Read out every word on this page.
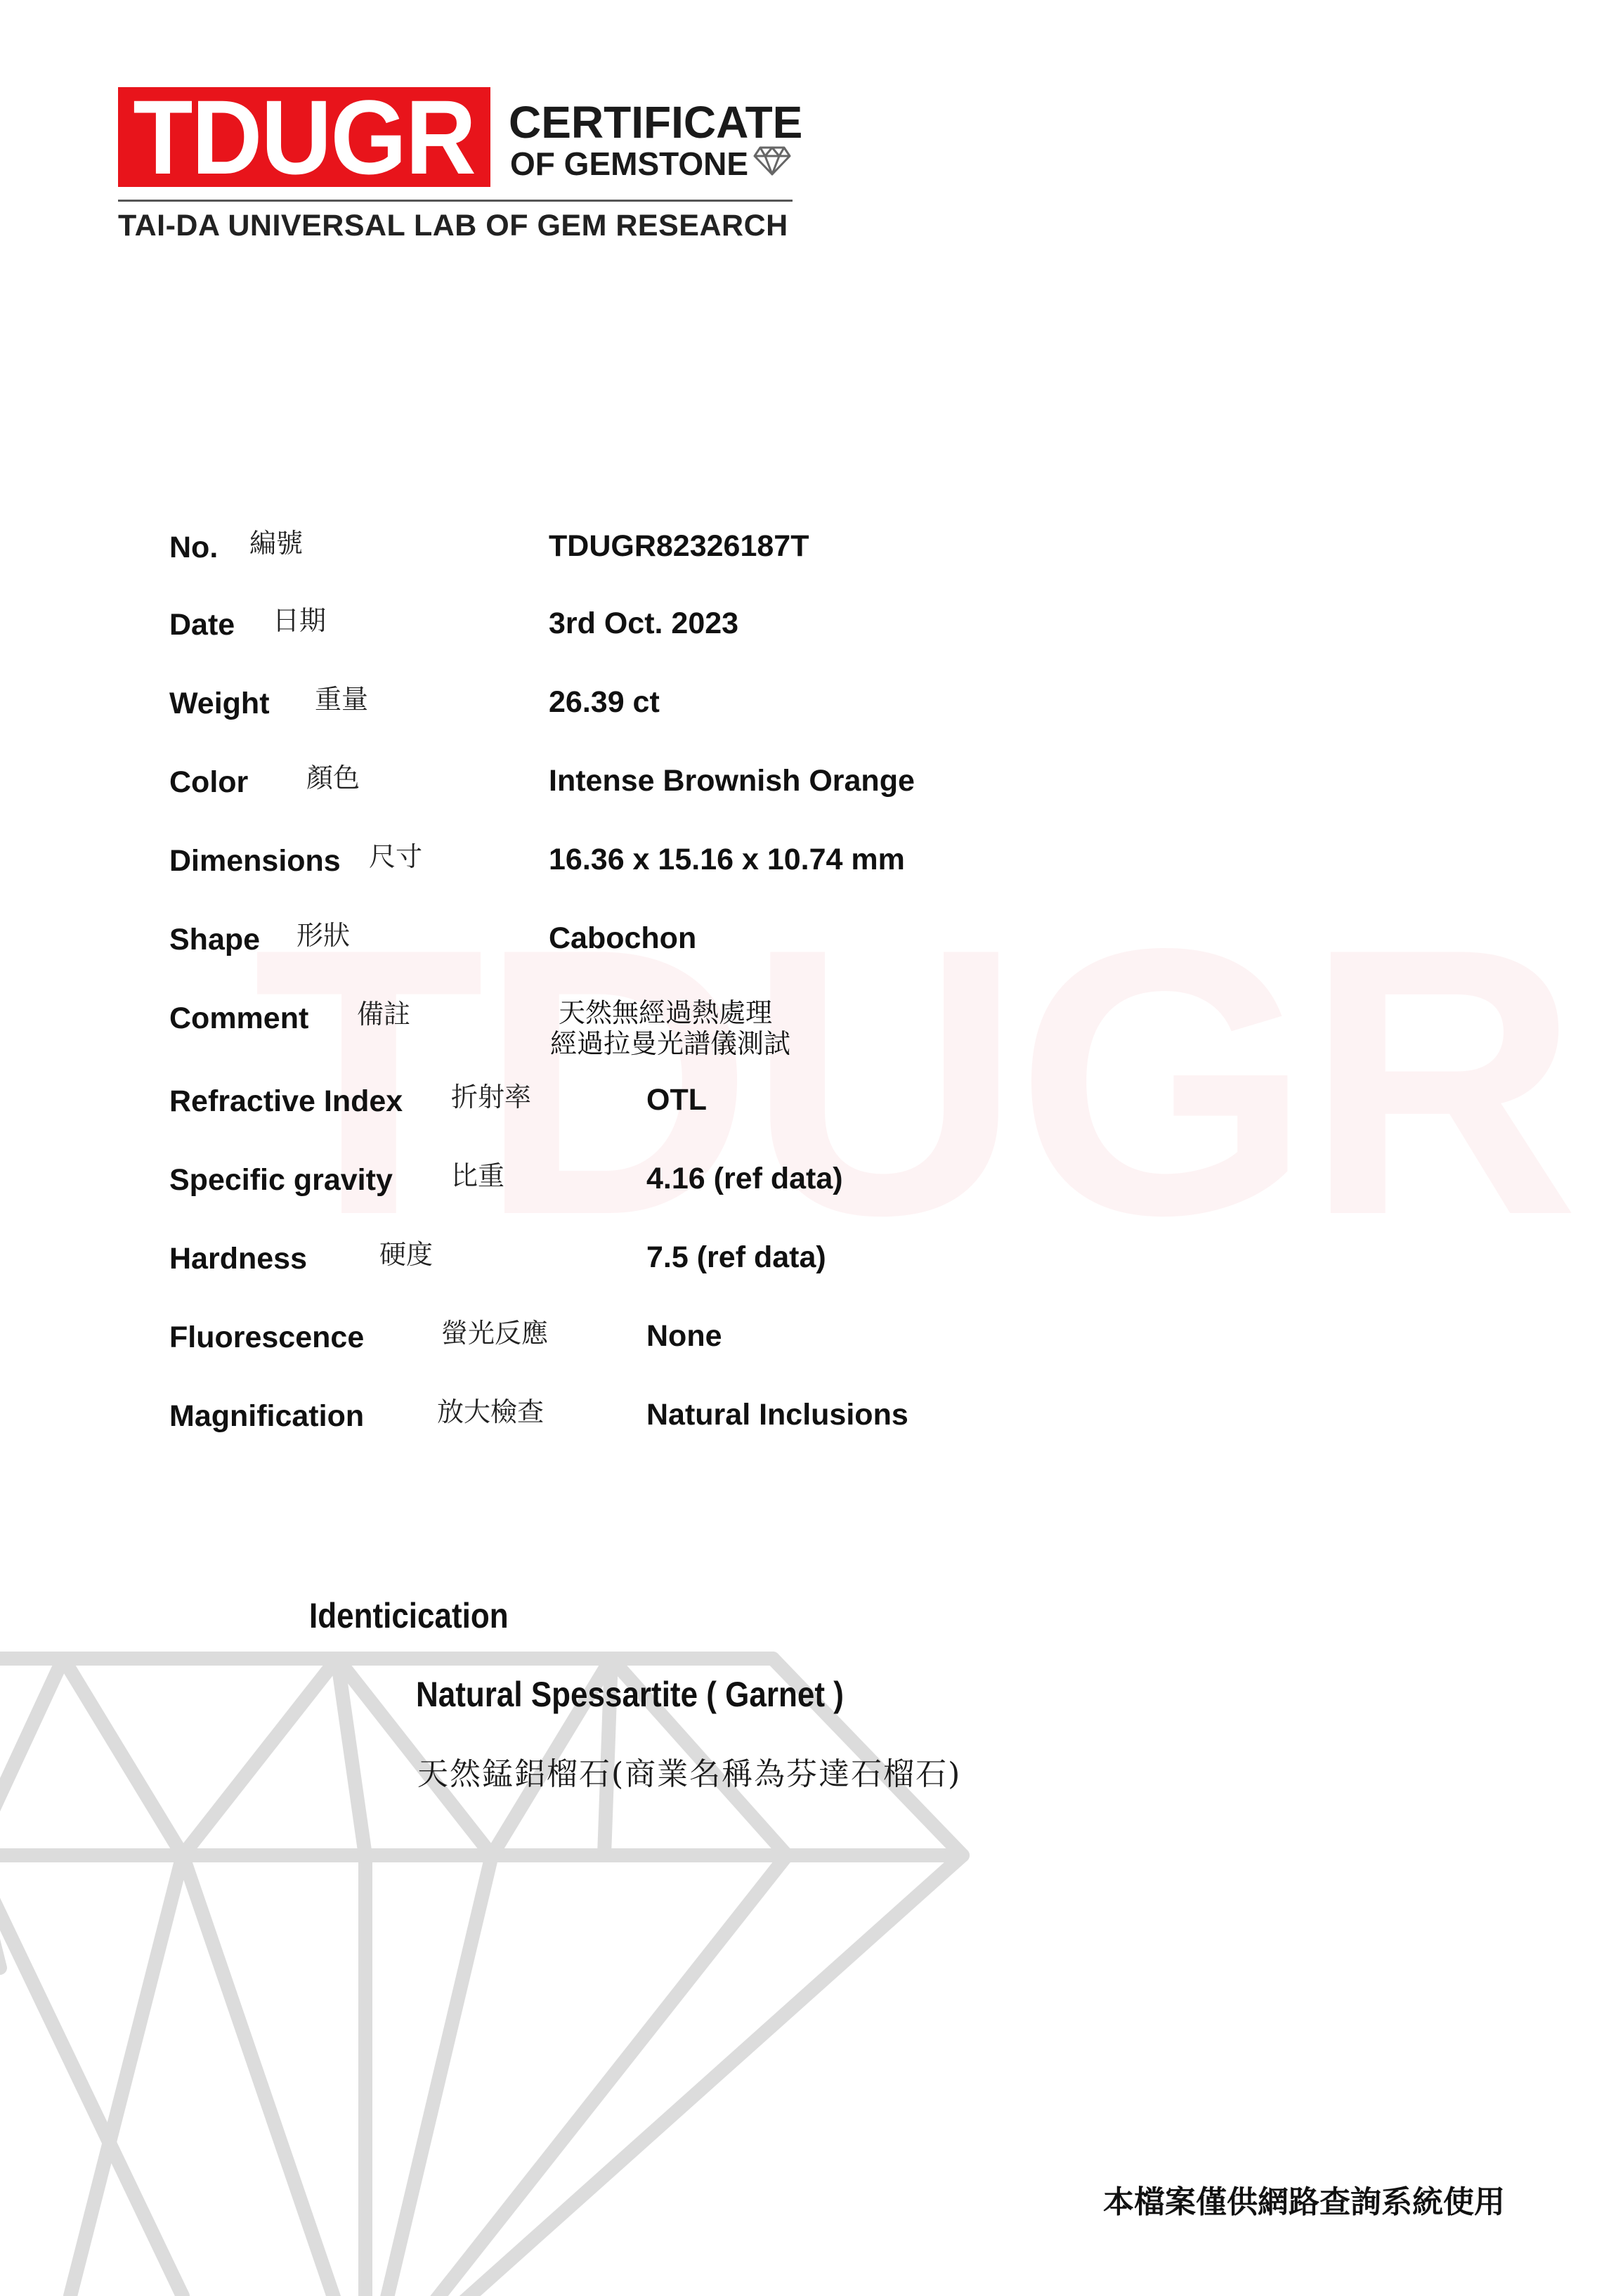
TDUGR CERTIFICATE
OF GEMSTONE
TAI-DA UNIVERSAL LAB OF GEM RESEARCH
No. 編號	TDUGR82326187T
Date 日期	3rd Oct. 2023
Weight 重量	26.39 ct
Color 顏色	Intense Brownish Orange
Dimensions 尺寸	16.36 x 15.16 x 10.74 mm
Shape 形狀	Cabochon
Comment 備註	天然無經過熱處理
經過拉曼光譜儀測試
Refractive Index 折射率	OTL
Specific gravity 比重	4.16 (ref data)
Hardness	硬度	7.5 (ref data)
Fluorescence	螢光反應	None
Magnification	放大檢查	Natural Inclusions
Identicication
Natural Spessartite ( Garnet )
天然錳鋁榴石(商業名稱為芬達石榴石)
本檔案僅供網路查詢系統使用
